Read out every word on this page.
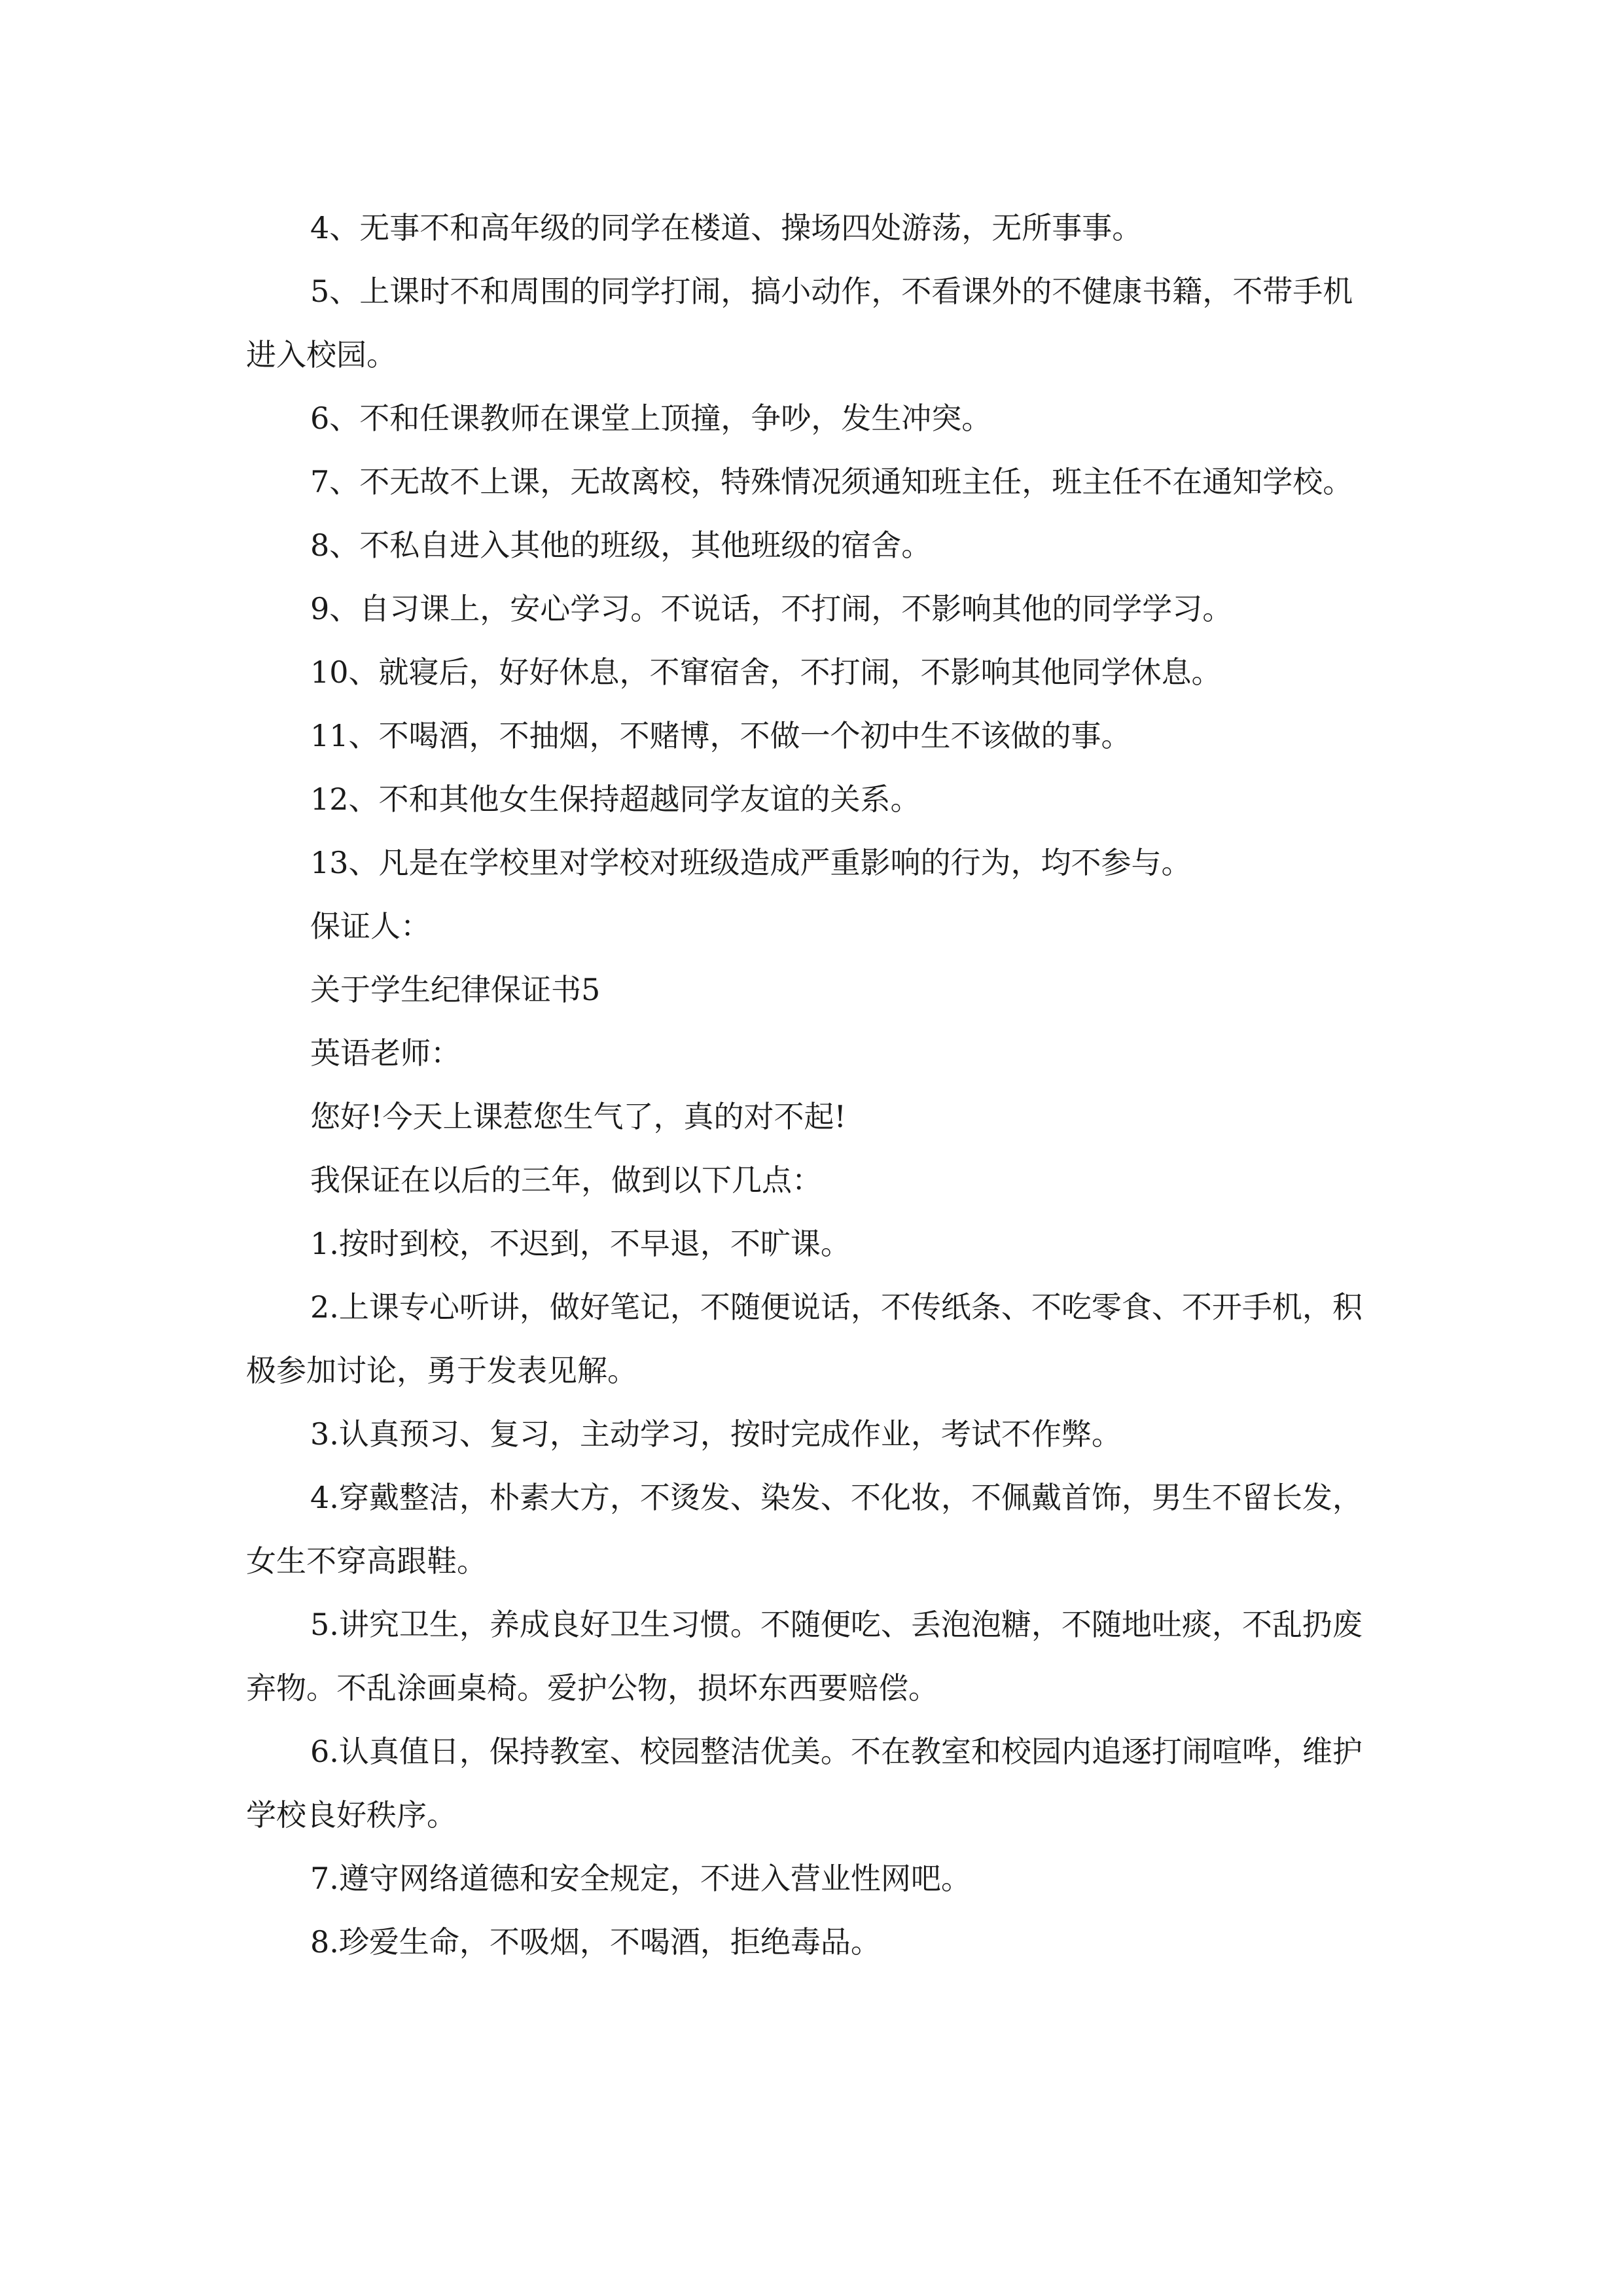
4、无事不和高年级的同学在楼道、操场四处游荡，无所事事。

5、上课时不和周围的同学打闹，搞小动作，不看课外的不健康书籍，不带手机进入校园。

6、不和任课教师在课堂上顶撞，争吵，发生冲突。

7、不无故不上课，无故离校，特殊情况须通知班主任，班主任不在通知学校。

8、不私自进入其他的班级，其他班级的宿舍。

9、自习课上，安心学习。不说话，不打闹，不影响其他的同学学习。

10、就寝后，好好休息，不窜宿舍，不打闹，不影响其他同学休息。

11、不喝酒，不抽烟，不赌博，不做一个初中生不该做的事。

12、不和其他女生保持超越同学友谊的关系。

13、凡是在学校里对学校对班级造成严重影响的行为，均不参与。

保证人：

关于学生纪律保证书5

英语老师：

您好!今天上课惹您生气了，真的对不起!

我保证在以后的三年，做到以下几点：

1.按时到校，不迟到，不早退，不旷课。

2.上课专心听讲，做好笔记，不随便说话，不传纸条、不吃零食、不开手机，积极参加讨论，勇于发表见解。

3.认真预习、复习，主动学习，按时完成作业，考试不作弊。

4.穿戴整洁，朴素大方，不烫发、染发、不化妆，不佩戴首饰，男生不留长发，女生不穿高跟鞋。

5.讲究卫生，养成良好卫生习惯。不随便吃、丢泡泡糖，不随地吐痰，不乱扔废弃物。不乱涂画桌椅。爱护公物，损坏东西要赔偿。

6.认真值日，保持教室、校园整洁优美。不在教室和校园内追逐打闹喧哗，维护学校良好秩序。

7.遵守网络道德和安全规定，不进入营业性网吧。

8.珍爱生命，不吸烟，不喝酒，拒绝毒品。
